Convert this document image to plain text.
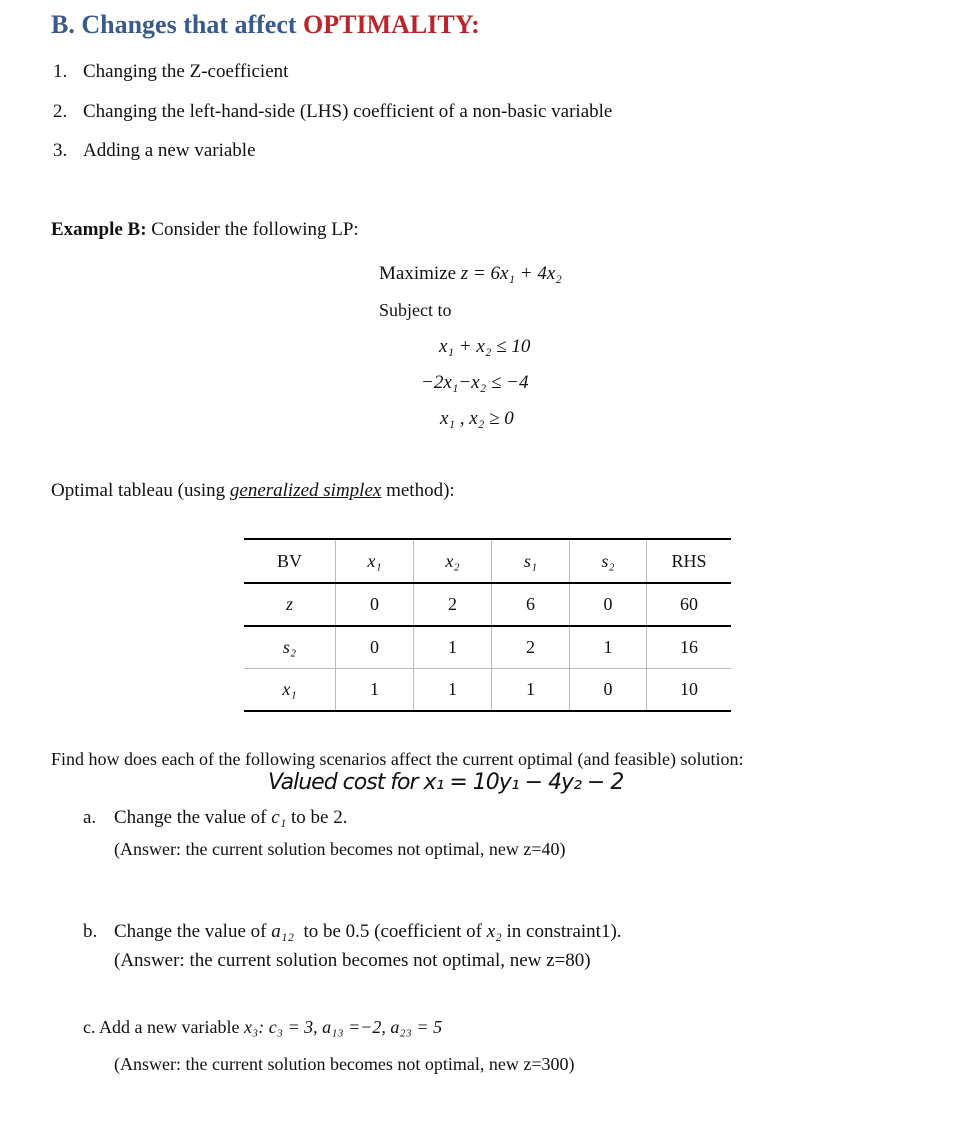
B. Changes that affect OPTIMALITY:
1. Changing the Z-coefficient
2. Changing the left-hand-side (LHS) coefficient of a non-basic variable
3. Adding a new variable
Example B: Consider the following LP:
Maximize z = 6x₁ + 4x₂
Subject to
x₁ + x₂ ≤ 10
−2x₁−x₂ ≤ −4
x₁ , x₂ ≥ 0
Optimal tableau (using generalized simplex method):
BV	x₁	x₂	s₁	s₂	RHS
z	0	2	6	0	60
s₂	0	1	2	1	16
x₁	1	1	1	0	10
Find how does each of the following scenarios affect the current optimal (and feasible) solution:
Valued cost for x₁ = 10y₁ − 4y₂ − 2
a. Change the value of c₁ to be 2.
(Answer: the current solution becomes not optimal, new z=40)
b. Change the value of a₁₂  to be 0.5 (coefficient of x₂ in constraint1).
(Answer: the current solution becomes not optimal, new z=80)
c. Add a new variable x₃: c₃ = 3, a₁₃ =−2, a₂₃ = 5
(Answer: the current solution becomes not optimal, new z=300)
